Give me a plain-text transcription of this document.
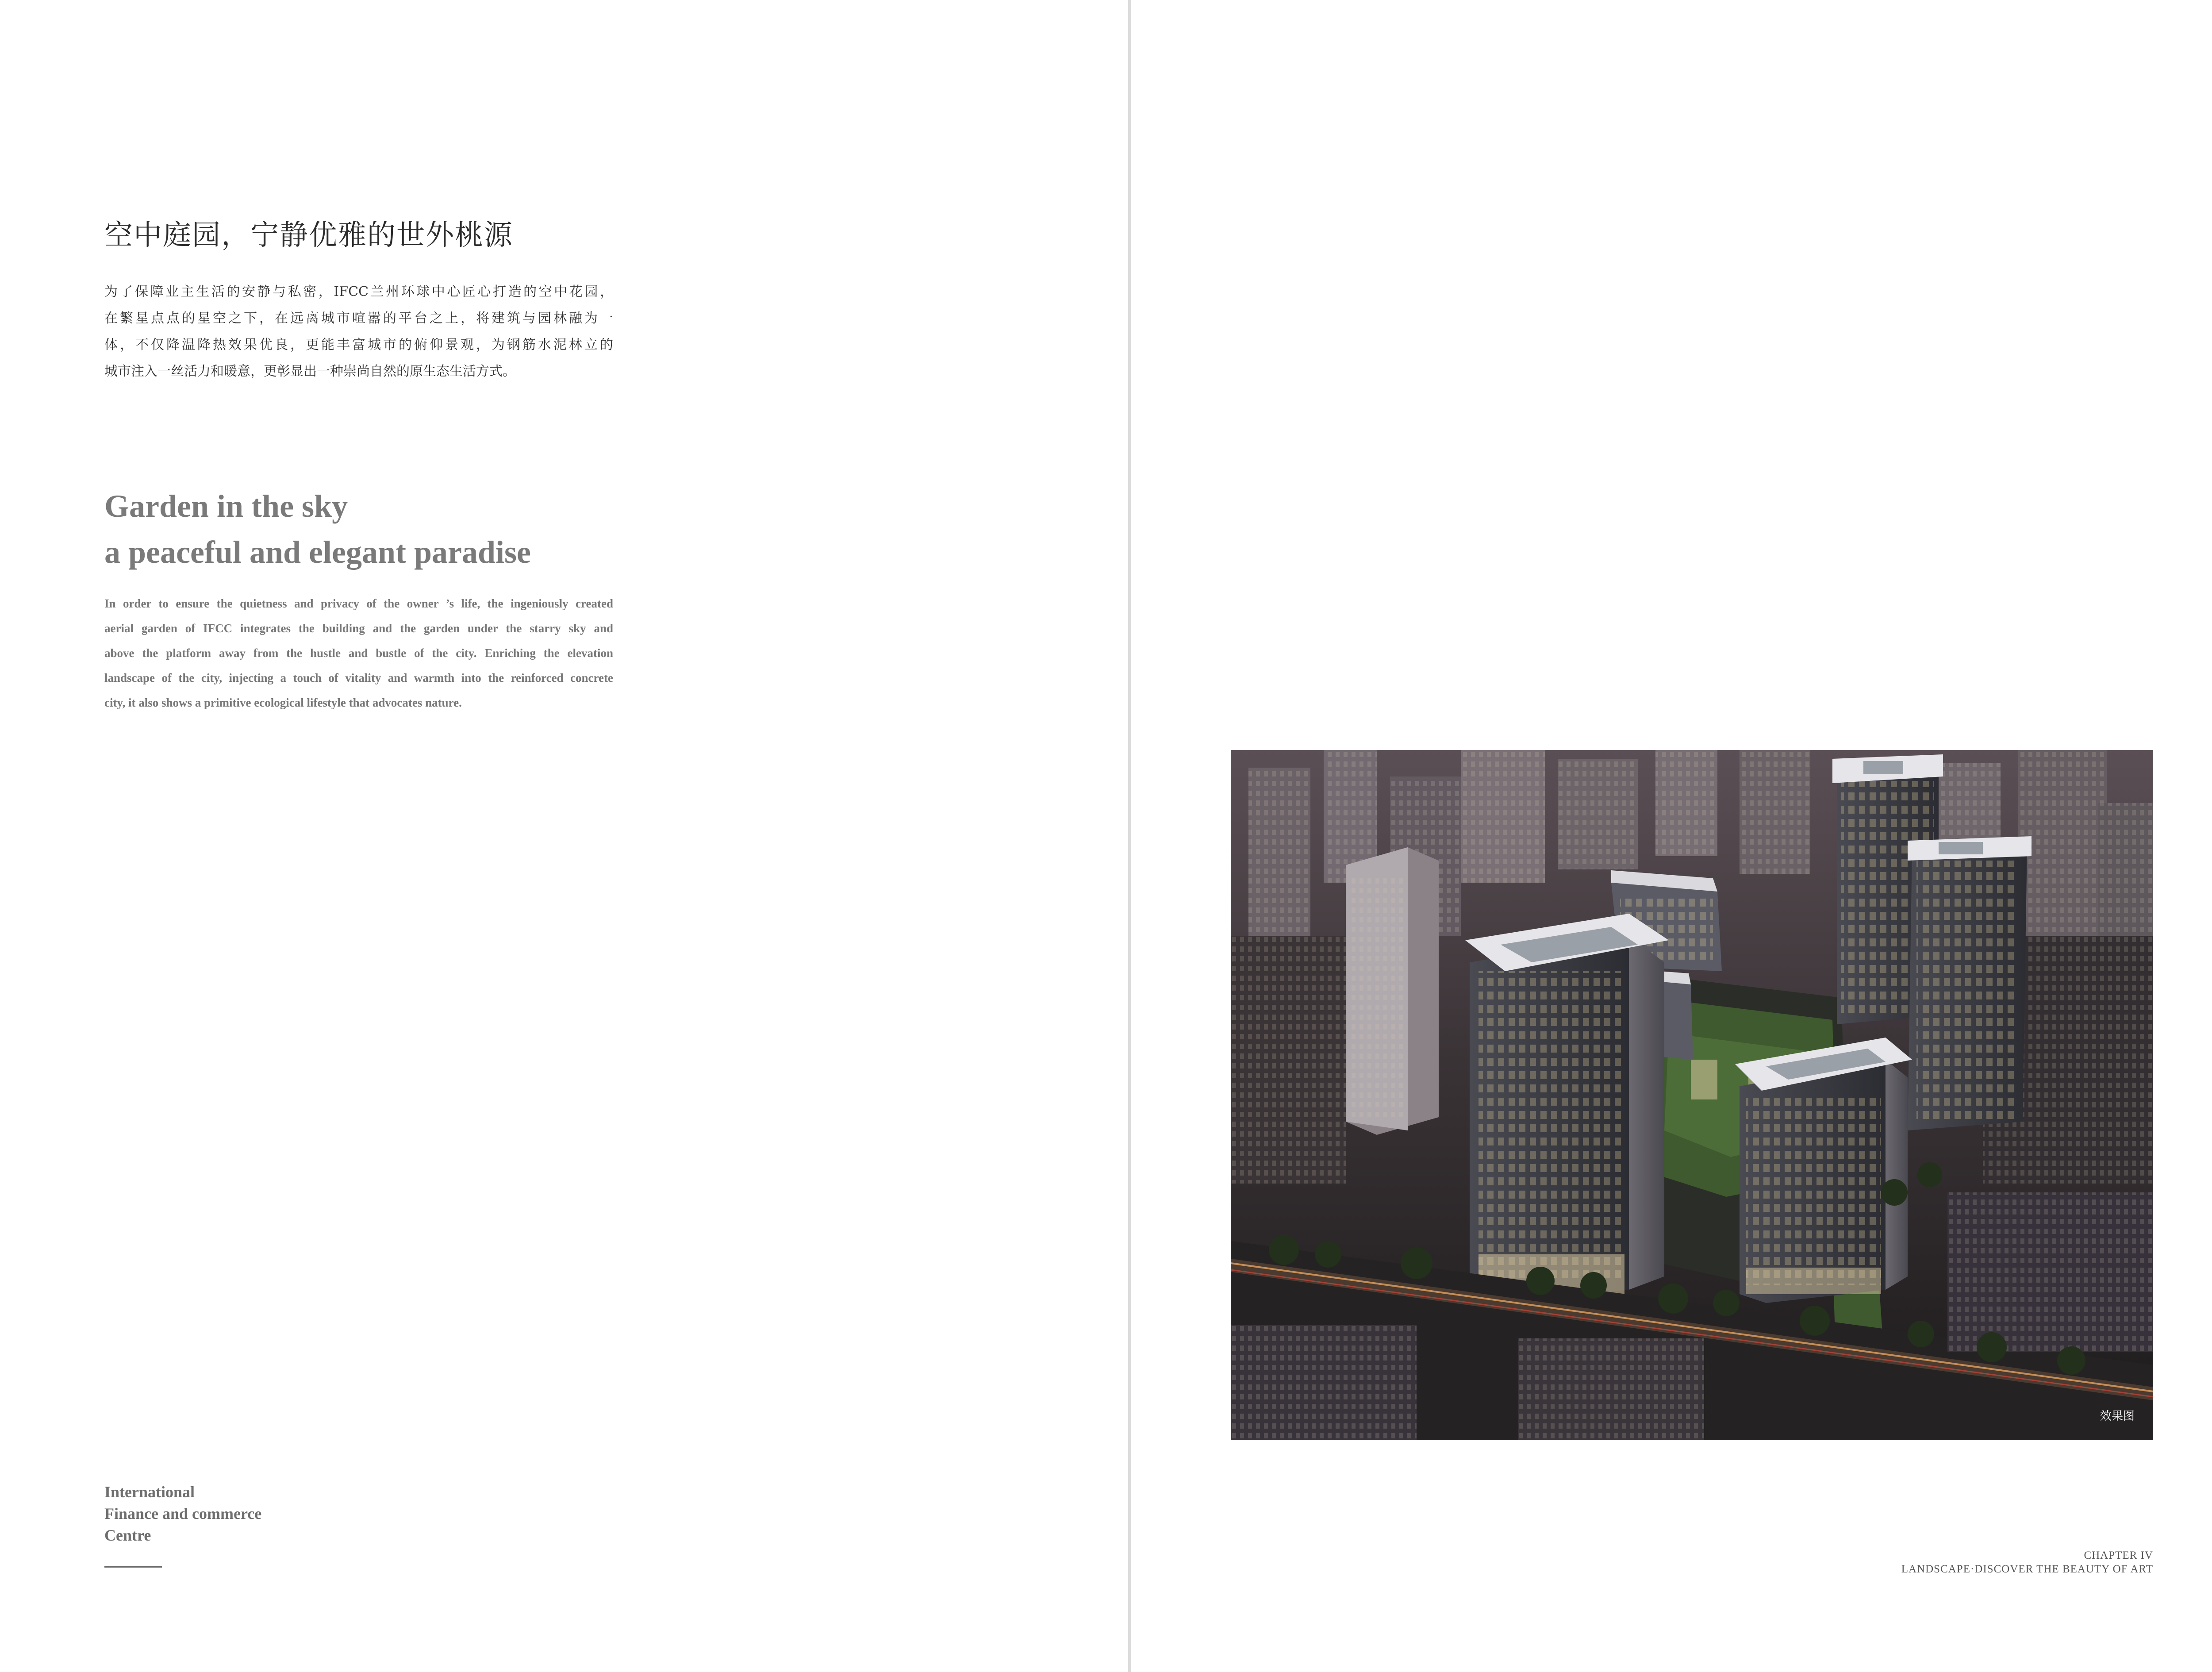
空中庭园，宁静优雅的世外桃源
为了保障业主生活的安静与私密，IFCC兰州环球中心匠心打造的空中花园，
在繁星点点的星空之下，在远离城市喧嚣的平台之上，将建筑与园林融为一
体，不仅降温降热效果优良，更能丰富城市的俯仰景观，为钢筋水泥林立的
城市注入一丝活力和暖意，更彰显出一种崇尚自然的原生态生活方式。
Garden in the sky
a peaceful and elegant paradise
In order to ensure the quietness and privacy of the owner ’s life, the ingeniously created
aerial garden of IFCC integrates the building and the garden under the starry sky and
above the platform away from the hustle and bustle of the city. Enriching the elevation
landscape of the city, injecting a touch of vitality and warmth into the reinforced concrete
city, it also shows a primitive ecological lifestyle that advocates nature.
International
Finance and commerce
Centre
效果图
CHAPTER IV
LANDSCAPE·DISCOVER THE BEAUTY OF ART
